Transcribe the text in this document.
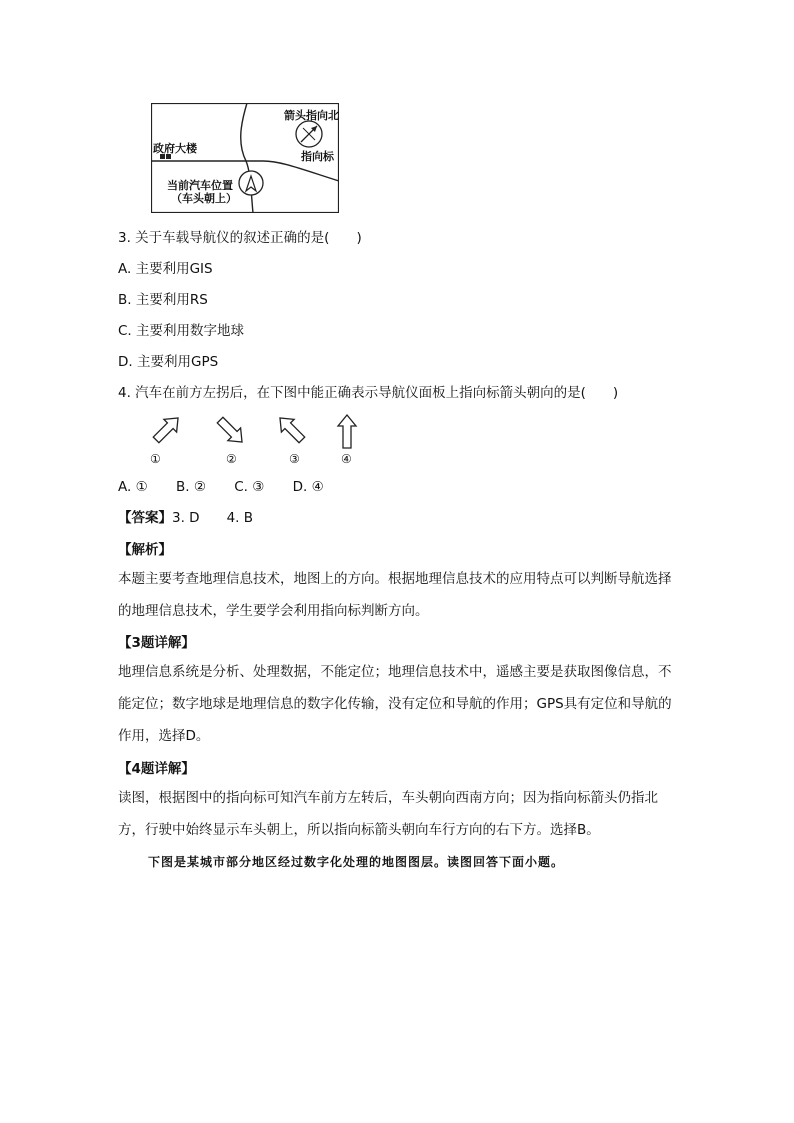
政府大楼
箭头指向北
指向标
当前汽车位置
（车头朝上）
3. 关于车载导航仪的叙述正确的是(　　)
A. 主要利用GIS
B. 主要利用RS
C. 主要利用数字地球
D. 主要利用GPS
4. 汽车在前方左拐后，在下图中能正确表示导航仪面板上指向标箭头朝向的是(　　)
①	②	③	④
A. ① B. ② C. ③ D. ④
【答案】3. D　　4. B
【解析】
本题主要考查地理信息技术，地图上的方向。根据地理信息技术的应用特点可以判断导航选择的地理信息技术，学生要学会利用指向标判断方向。
【3题详解】
地理信息系统是分析、处理数据，不能定位；地理信息技术中，遥感主要是获取图像信息，不能定位；数字地球是地理信息的数字化传输，没有定位和导航的作用；GPS具有定位和导航的作用，选择D。
【4题详解】
读图，根据图中的指向标可知汽车前方左转后，车头朝向西南方向；因为指向标箭头仍指北方，行驶中始终显示车头朝上，所以指向标箭头朝向车行方向的右下方。选择B。
下图是某城市部分地区经过数字化处理的地图图层。读图回答下面小题。
